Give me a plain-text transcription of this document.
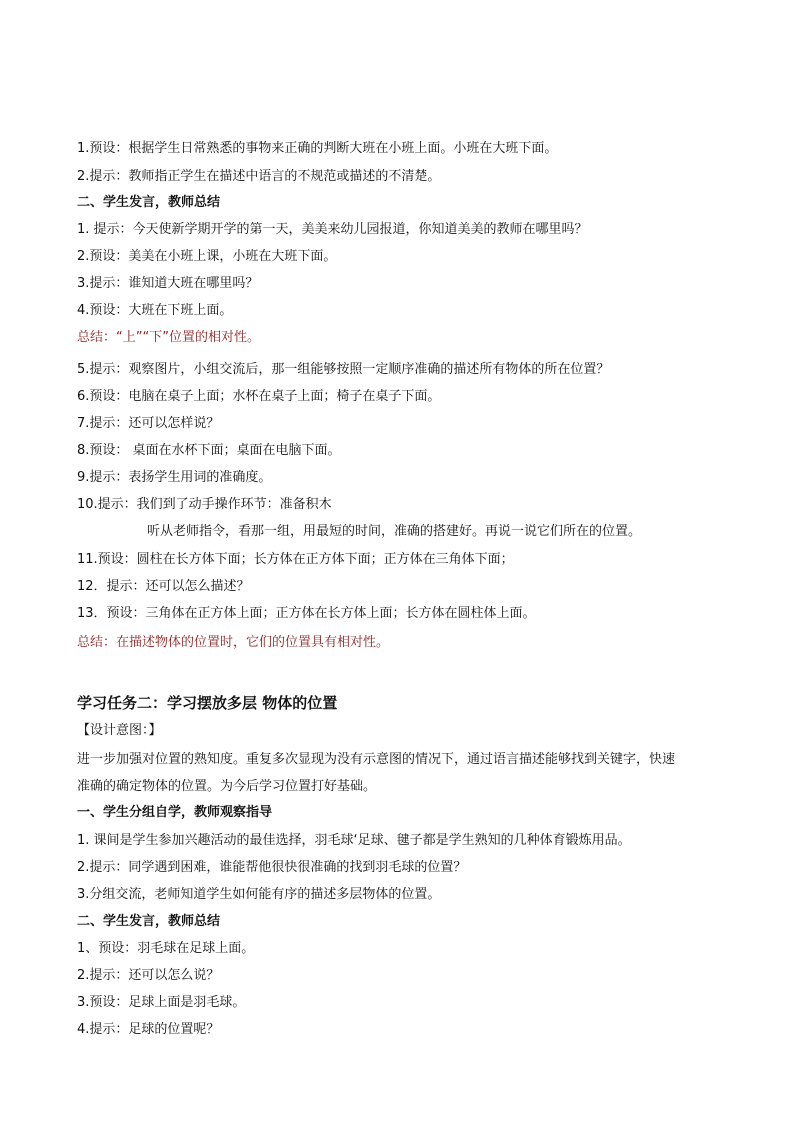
1.预设：根据学生日常熟悉的事物来正确的判断大班在小班上面。小班在大班下面。
2.提示：教师指正学生在描述中语言的不规范或描述的不清楚。
二、学生发言，教师总结
1. 提示：今天使新学期开学的第一天，美美来幼儿园报道，你知道美美的教师在哪里吗？
2.预设：美美在小班上课，小班在大班下面。
3.提示：谁知道大班在哪里吗？
4.预设：大班在下班上面。
总结：“上”“下”位置的相对性。
5.提示：观察图片，小组交流后，那一组能够按照一定顺序准确的描述所有物体的所在位置？
6.预设：电脑在桌子上面；水杯在桌子上面；椅子在桌子下面。
7.提示：还可以怎样说？
8.预设： 桌面在水杯下面；桌面在电脑下面。
9.提示：表扬学生用词的准确度。
10.提示：我们到了动手操作环节：准备积木
听从老师指令，看那一组，用最短的时间，准确的搭建好。再说一说它们所在的位置。
11.预设：圆柱在长方体下面；长方体在正方体下面；正方体在三角体下面；
12．提示：还可以怎么描述？
13．预设：三角体在正方体上面；正方体在长方体上面；长方体在圆柱体上面。
总结：在描述物体的位置时，它们的位置具有相对性。
学习任务二：学习摆放多层 物体的位置
【设计意图：】
进一步加强对位置的熟知度。重复多次显现为没有示意图的情况下，通过语言描述能够找到关键字，快速
准确的确定物体的位置。为今后学习位置打好基础。
一、学生分组自学，教师观察指导
1. 课间是学生参加兴趣活动的最佳选择，羽毛球‘足球、毽子都是学生熟知的几种体育锻炼用品。
2.提示：同学遇到困难，谁能帮他很快很准确的找到羽毛球的位置？
3.分组交流，老师知道学生如何能有序的描述多层物体的位置。
二、学生发言，教师总结
1、预设：羽毛球在足球上面。
2.提示：还可以怎么说？
3.预设：足球上面是羽毛球。
4.提示：足球的位置呢？
